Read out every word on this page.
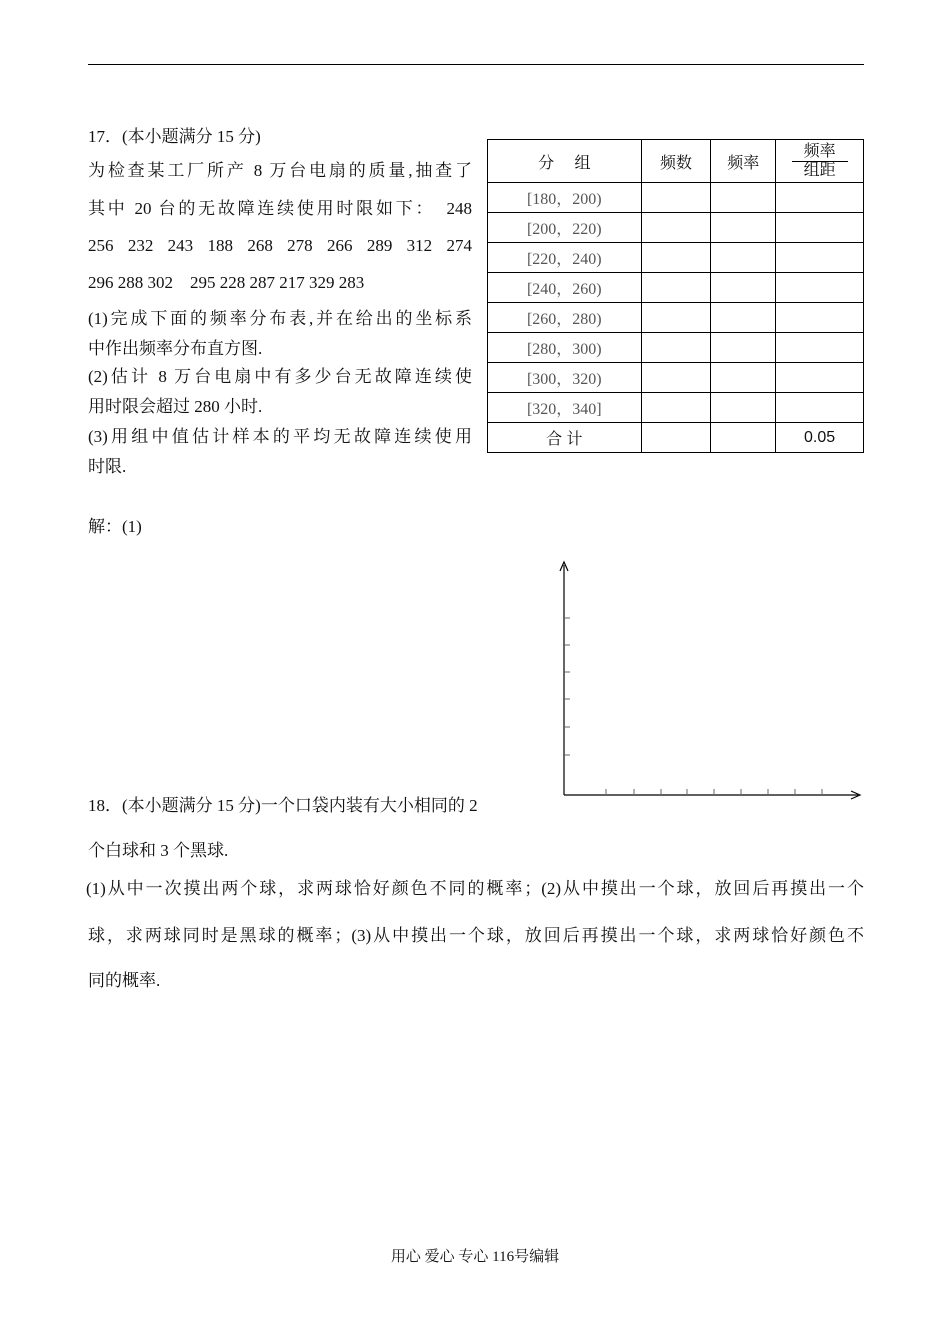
17．(本小题满分 15 分)
为检查某工厂所产 8 万台电扇的质量,抽查了
其中 20 台的无故障连续使用时限如下：　248
256 232 243 188 268 278 266 289 312 274
296 288 302　295 228 287 217 329 283
(1)完成下面的频率分布表,并在给出的坐标系
中作出频率分布直方图.
(2)估计 8 万台电扇中有多少台无故障连续使
用时限会超过 280 小时.
(3)用组中值估计样本的平均无故障连续使用
时限.
分　 组	频数	频率	$\frac{\text{频率}}{\text{组距}}$

[180，200)			
[200，220)			
[220，240)			
[240，260)			
[260，280)			
[280，300)			
[300，320)			
[320，340]			
合 计			0.05
解：(1)
18．(本小题满分 15 分)一个口袋内装有大小相同的 2
个白球和 3 个黑球.
(1)从中一次摸出两个球，求两球恰好颜色不同的概率；(2)从中摸出一个球，放回后再摸出一个
球，求两球同时是黑球的概率；(3)从中摸出一个球，放回后再摸出一个球，求两球恰好颜色不
同的概率.
用心 爱心 专心 116号编辑
